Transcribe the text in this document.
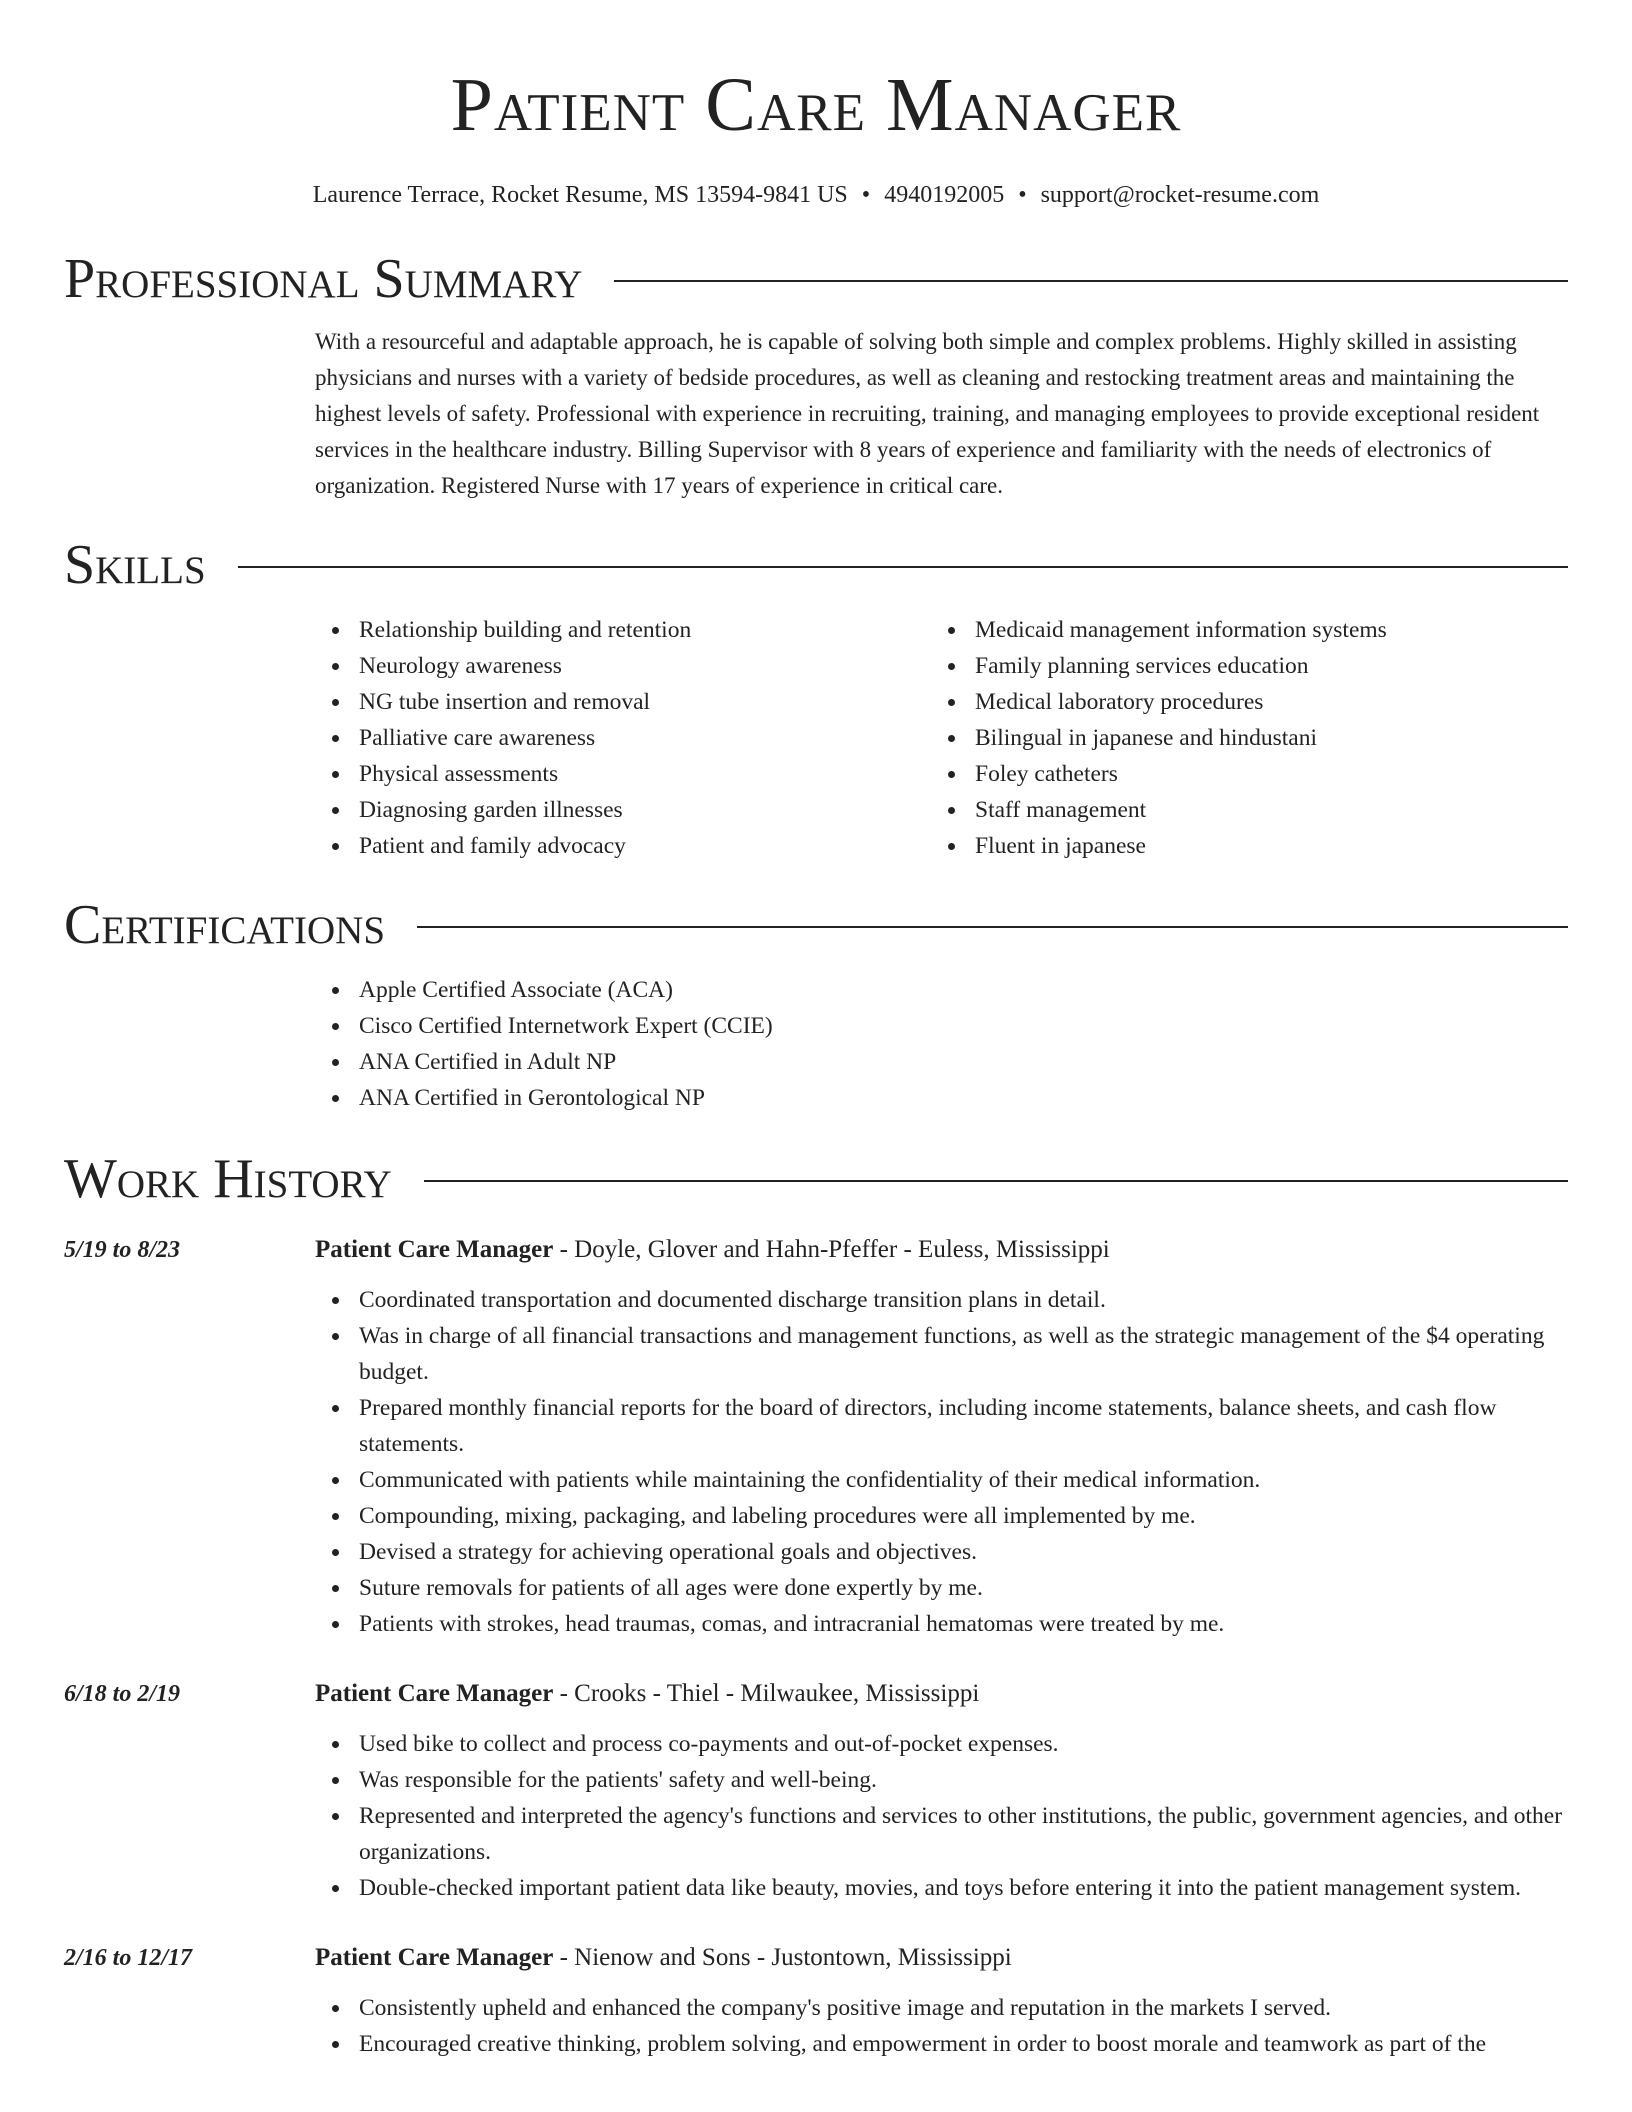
Patient Care Manager
Laurence Terrace, Rocket Resume, MS 13594-9841 US • 4940192005 • support@rocket-resume.com
Professional Summary

With a resourceful and adaptable approach, he is capable of solving both simple and complex problems. Highly skilled in assisting physicians and nurses with a variety of bedside procedures, as well as cleaning and restocking treatment areas and maintaining the highest levels of safety. Professional with experience in recruiting, training, and managing employees to provide exceptional resident services in the healthcare industry. Billing Supervisor with 8 years of experience and familiarity with the needs of electronics of organization. Registered Nurse with 17 years of experience in critical care.

Skills
Relationship building and retention
Neurology awareness
NG tube insertion and removal
Palliative care awareness
Physical assessments
Diagnosing garden illnesses
Patient and family advocacy
Medicaid management information systems
Family planning services education
Medical laboratory procedures
Bilingual in japanese and hindustani
Foley catheters
Staff management
Fluent in japanese
Certifications
Apple Certified Associate (ACA)
Cisco Certified Internetwork Expert (CCIE)
ANA Certified in Adult NP
ANA Certified in Gerontological NP
Work History
5/19 to 8/23	Patient Care Manager - Doyle, Glover and Hahn-Pfeffer - Euless, Mississippi
Coordinated transportation and documented discharge transition plans in detail.
Was in charge of all financial transactions and management functions, as well as the strategic management of the $4 operating budget.
Prepared monthly financial reports for the board of directors, including income statements, balance sheets, and cash flow statements.
Communicated with patients while maintaining the confidentiality of their medical information.
Compounding, mixing, packaging, and labeling procedures were all implemented by me.
Devised a strategy for achieving operational goals and objectives.
Suture removals for patients of all ages were done expertly by me.
Patients with strokes, head traumas, comas, and intracranial hematomas were treated by me.
6/18 to 2/19	Patient Care Manager - Crooks - Thiel - Milwaukee, Mississippi
Used bike to collect and process co-payments and out-of-pocket expenses.
Was responsible for the patients' safety and well-being.
Represented and interpreted the agency's functions and services to other institutions, the public, government agencies, and other organizations.
Double-checked important patient data like beauty, movies, and toys before entering it into the patient management system.
2/16 to 12/17	Patient Care Manager - Nienow and Sons - Justontown, Mississippi
Consistently upheld and enhanced the company's positive image and reputation in the markets I served.
Encouraged creative thinking, problem solving, and empowerment in order to boost morale and teamwork as part of the
